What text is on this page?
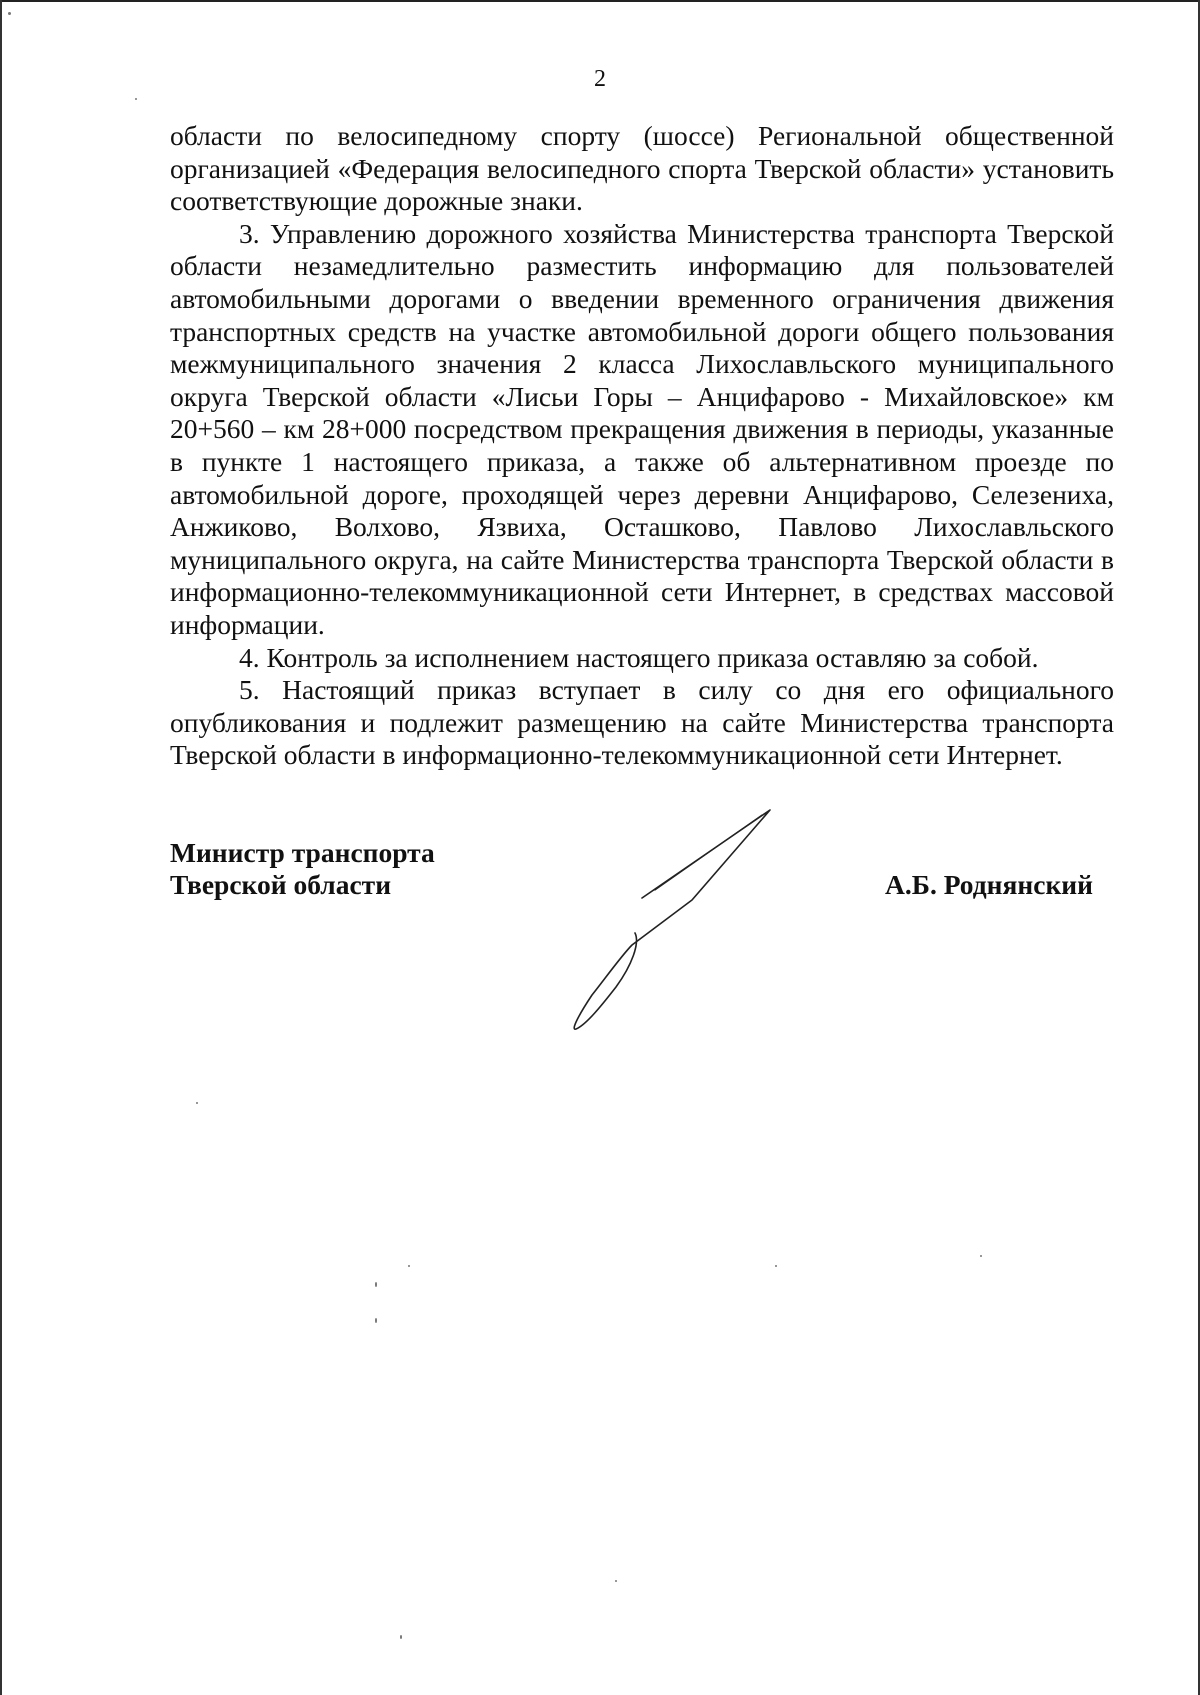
2

области по велосипедному спорту (шоссе) Региональной общественной организацией «Федерация велосипедного спорта Тверской области» установить соответствующие дорожные знаки.

3. Управлению дорожного хозяйства Министерства транспорта Тверской области незамедлительно разместить информацию для пользователей автомобильными дорогами о введении временного ограничения движения транспортных средств на участке автомобильной дороги общего пользования межмуниципального значения 2 класса Лихославльского муниципального округа Тверской области «Лисьи Горы – Анцифарово - Михайловское» км 20+560 – км 28+000 посредством прекращения движения в периоды, указанные в пункте 1 настоящего приказа, а также об альтернативном проезде по автомобильной дороге, проходящей через деревни Анцифарово, Селезениха, Анжиково, Волхово, Язвиха, Осташково, Павлово Лихославльского муниципального округа, на сайте Министерства транспорта Тверской области в информационно-телекоммуникационной сети Интернет, в средствах массовой информации.

4. Контроль за исполнением настоящего приказа оставляю за собой.

5. Настоящий приказ вступает в силу со дня его официального опубликования и подлежит размещению на сайте Министерства транспорта Тверской области в информационно-телекоммуникационной сети Интернет.

Министр транспорта
Тверской области	А.Б. Роднянский
